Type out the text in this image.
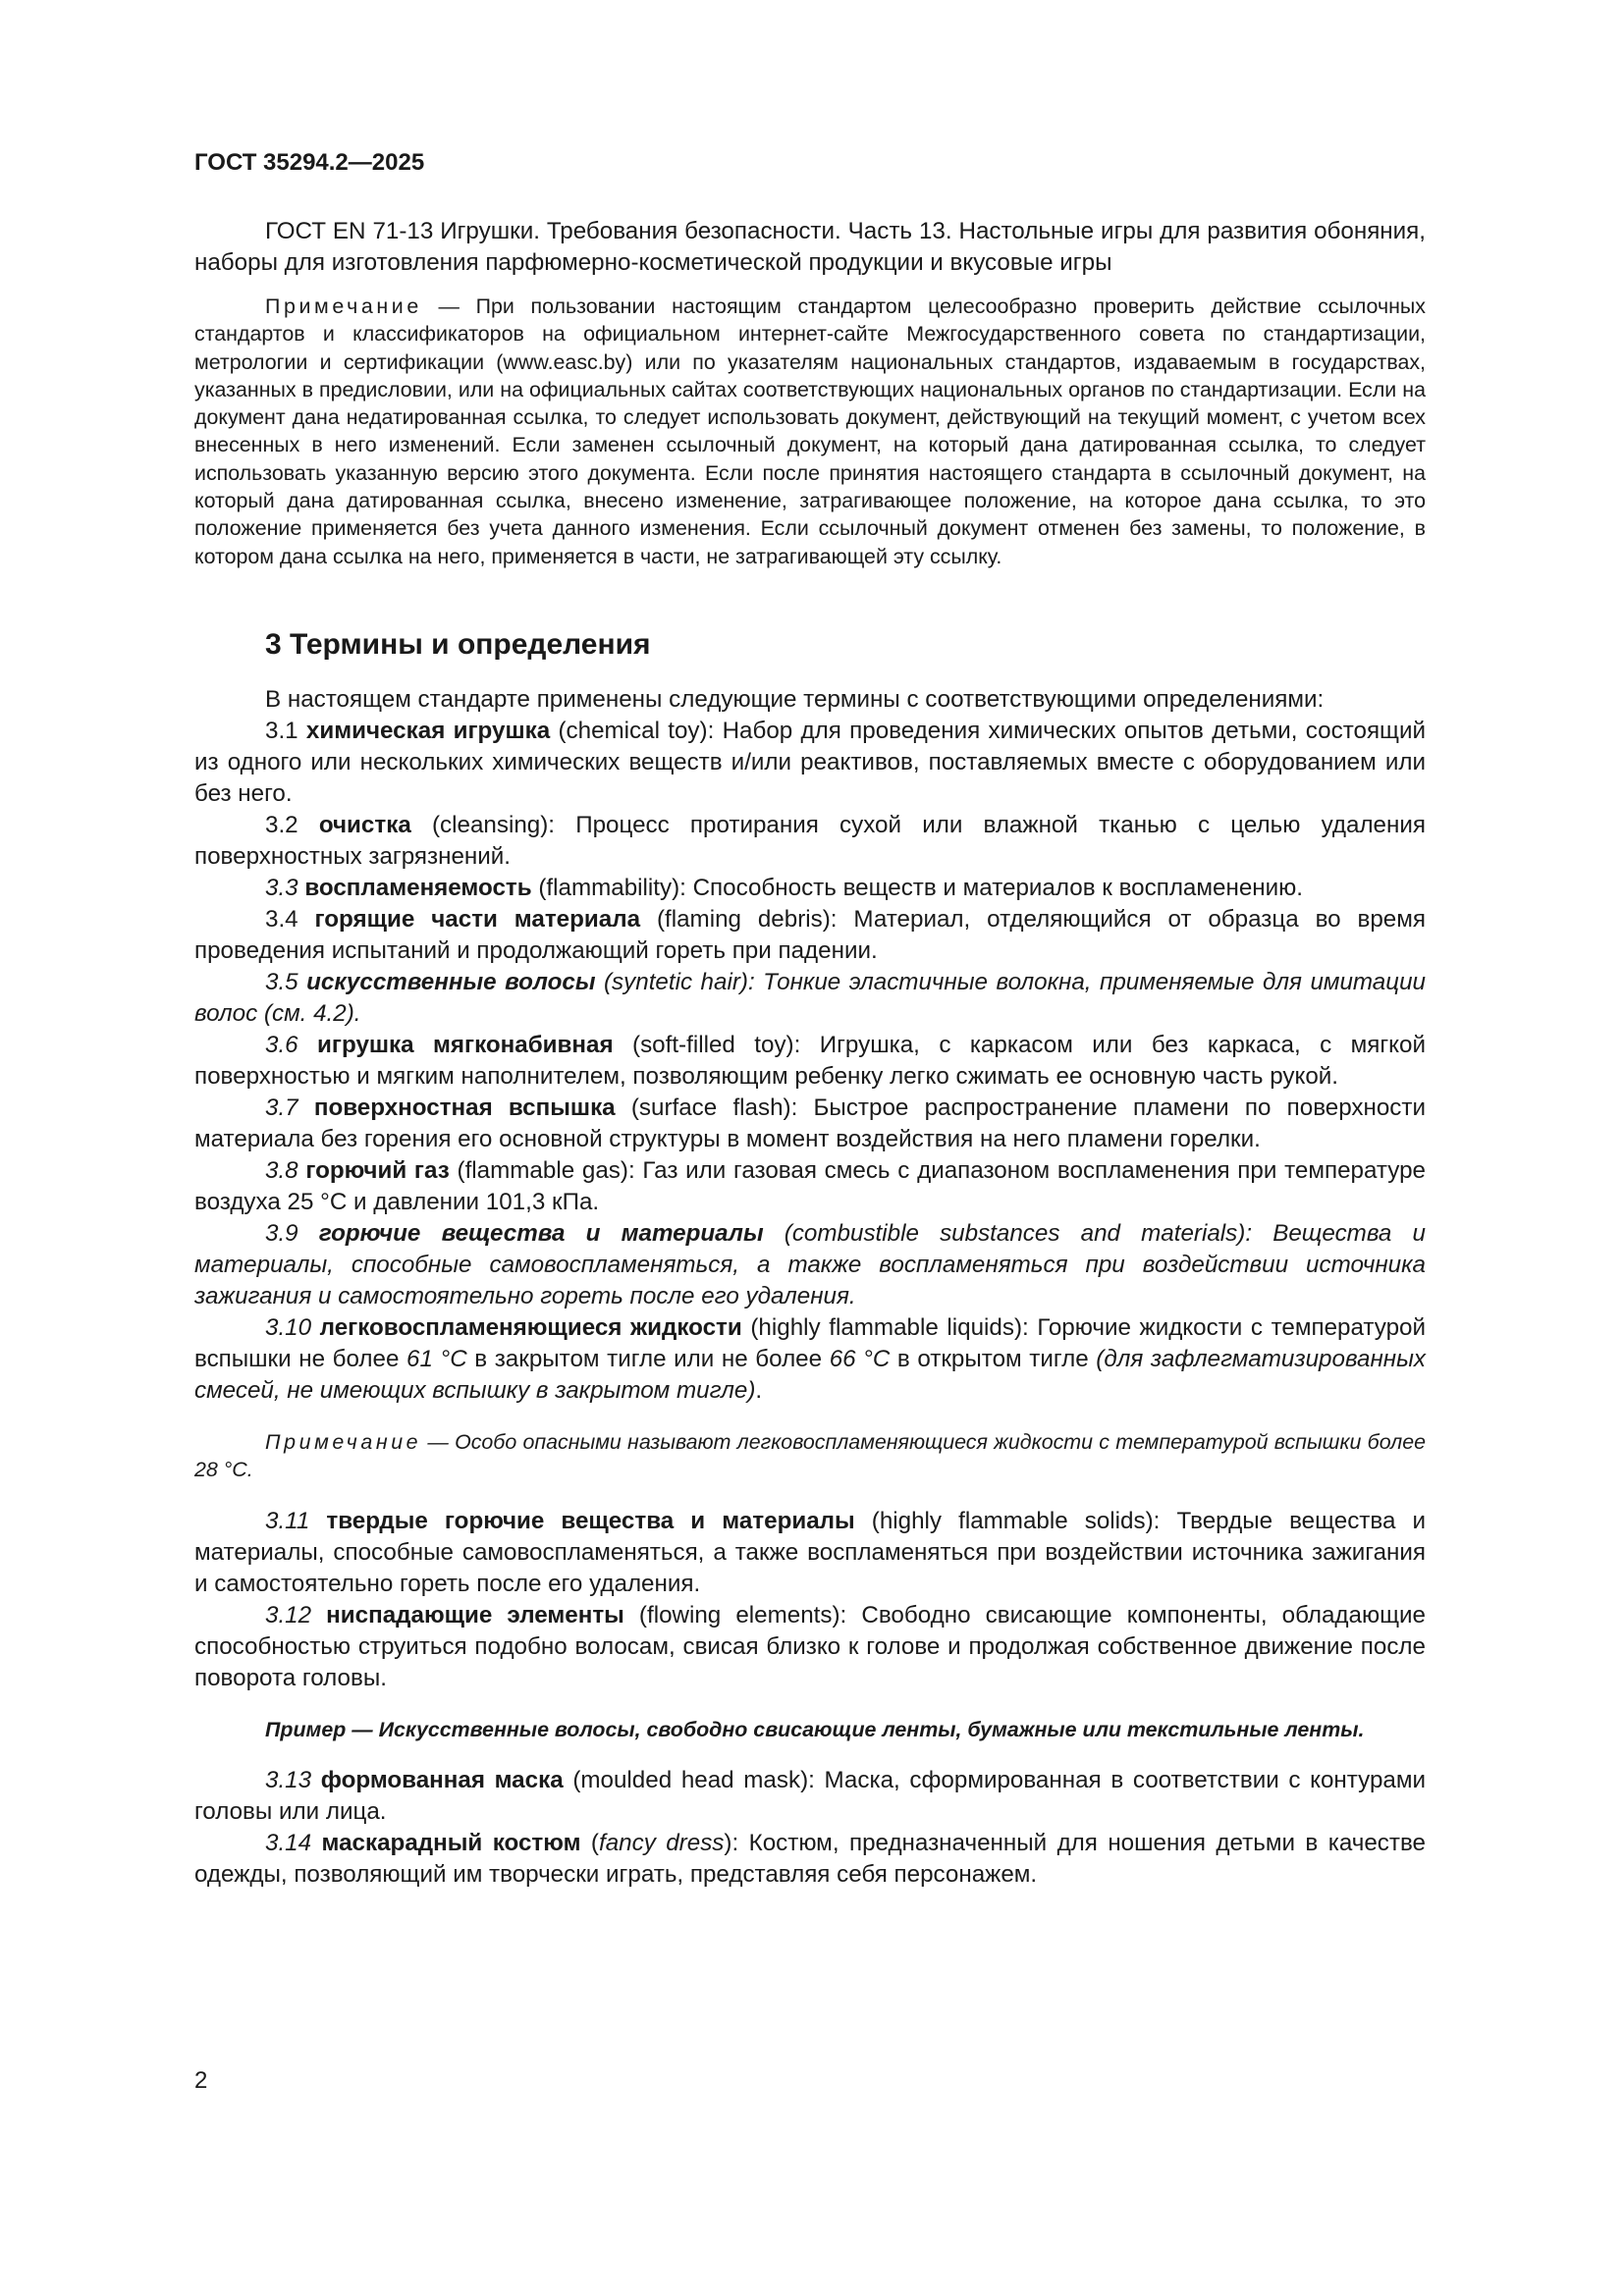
ГОСТ 35294.2—2025

ГОСТ EN 71-13 Игрушки. Требования безопасности. Часть 13. Настольные игры для развития обоняния, наборы для изготовления парфюмерно-косметической продукции и вкусовые игры

Примечание — При пользовании настоящим стандартом целесообразно проверить действие ссылочных стандартов и классификаторов на официальном интернет-сайте Межгосударственного совета по стандартизации, метрологии и сертификации (www.easc.by) или по указателям национальных стандартов, издаваемым в государствах, указанных в предисловии, или на официальных сайтах соответствующих национальных органов по стандартизации. Если на документ дана недатированная ссылка, то следует использовать документ, действующий на текущий момент, с учетом всех внесенных в него изменений. Если заменен ссылочный документ, на который дана датированная ссылка, то следует использовать указанную версию этого документа. Если после принятия настоящего стандарта в ссылочный документ, на который дана датированная ссылка, внесено изменение, затрагивающее положение, на которое дана ссылка, то это положение применяется без учета данного изменения. Если ссылочный документ отменен без замены, то положение, в котором дана ссылка на него, применяется в части, не затрагивающей эту ссылку.

3 Термины и определения

В настоящем стандарте применены следующие термины с соответствующими определениями:

3.1 химическая игрушка (chemical toy): Набор для проведения химических опытов детьми, состоящий из одного или нескольких химических веществ и/или реактивов, поставляемых вместе с оборудованием или без него.

3.2 очистка (cleansing): Процесс протирания сухой или влажной тканью с целью удаления поверхностных загрязнений.

3.3 воспламеняемость (flammability): Способность веществ и материалов к воспламенению.

3.4 горящие части материала (flaming debris): Материал, отделяющийся от образца во время проведения испытаний и продолжающий гореть при падении.

3.5 искусственные волосы (syntetic hair): Тонкие эластичные волокна, применяемые для имитации волос (см. 4.2).

3.6 игрушка мягконабивная (soft-filled toy): Игрушка, с каркасом или без каркаса, с мягкой поверхностью и мягким наполнителем, позволяющим ребенку легко сжимать ее основную часть рукой.

3.7 поверхностная вспышка (surface flash): Быстрое распространение пламени по поверхности материала без горения его основной структуры в момент воздействия на него пламени горелки.

3.8 горючий газ (flammable gas): Газ или газовая смесь с диапазоном воспламенения при температуре воздуха 25 °C и давлении 101,3 кПа.

3.9 горючие вещества и материалы (combustible substances and materials): Вещества и материалы, способные самовоспламеняться, а также воспламеняться при воздействии источника зажигания и самостоятельно гореть после его удаления.

3.10 легковоспламеняющиеся жидкости (highly flammable liquids): Горючие жидкости с температурой вспышки не более 61 °C в закрытом тигле или не более 66 °C в открытом тигле (для зафлегматизированных смесей, не имеющих вспышку в закрытом тигле).

Примечание — Особо опасными называют легковоспламеняющиеся жидкости с температурой вспышки более 28 °C.

3.11 твердые горючие вещества и материалы (highly flammable solids): Твердые вещества и материалы, способные самовоспламеняться, а также воспламеняться при воздействии источника зажигания и самостоятельно гореть после его удаления.

3.12 ниспадающие элементы (flowing elements): Свободно свисающие компоненты, обладающие способностью струиться подобно волосам, свисая близко к голове и продолжая собственное движение после поворота головы.

Пример — Искусственные волосы, свободно свисающие ленты, бумажные или текстильные ленты.

3.13 формованная маска (moulded head mask): Маска, сформированная в соответствии с контурами головы или лица.

3.14 маскарадный костюм (fancy dress): Костюм, предназначенный для ношения детьми в качестве одежды, позволяющий им творчески играть, представляя себя персонажем.

2
